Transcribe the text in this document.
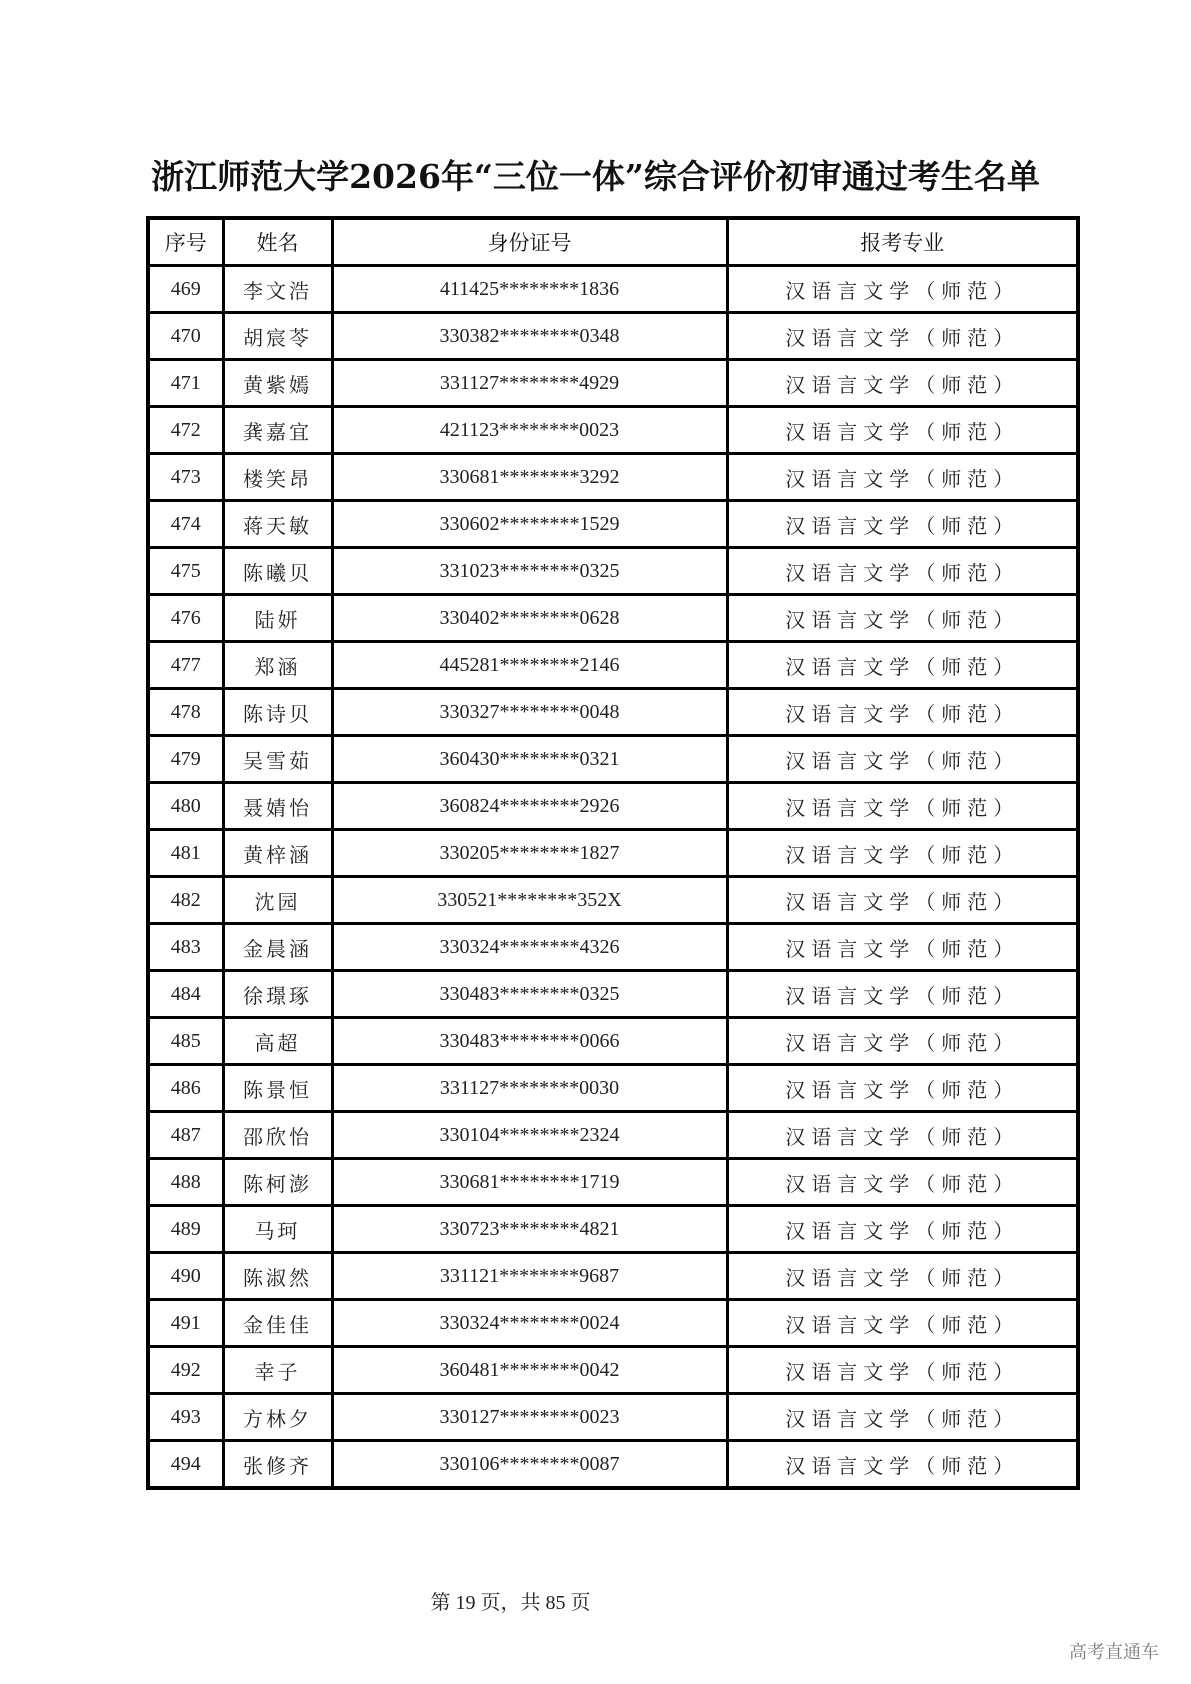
浙江师范大学2026年“三位一体”综合评价初审通过考生名单
序号	姓名	身份证号	报考专业
469	李文浩	411425********1836	汉语言文学（师范）
470	胡宸苓	330382********0348	汉语言文学（师范）
471	黄紫嫣	331127********4929	汉语言文学（师范）
472	龚嘉宜	421123********0023	汉语言文学（师范）
473	楼笑昂	330681********3292	汉语言文学（师范）
474	蒋天敏	330602********1529	汉语言文学（师范）
475	陈曦贝	331023********0325	汉语言文学（师范）
476	陆妍	330402********0628	汉语言文学（师范）
477	郑涵	445281********2146	汉语言文学（师范）
478	陈诗贝	330327********0048	汉语言文学（师范）
479	吴雪茹	360430********0321	汉语言文学（师范）
480	聂婧怡	360824********2926	汉语言文学（师范）
481	黄梓涵	330205********1827	汉语言文学（师范）
482	沈园	330521********352X	汉语言文学（师范）
483	金晨涵	330324********4326	汉语言文学（师范）
484	徐璟琢	330483********0325	汉语言文学（师范）
485	高超	330483********0066	汉语言文学（师范）
486	陈景恒	331127********0030	汉语言文学（师范）
487	邵欣怡	330104********2324	汉语言文学（师范）
488	陈柯澎	330681********1719	汉语言文学（师范）
489	马珂	330723********4821	汉语言文学（师范）
490	陈淑然	331121********9687	汉语言文学（师范）
491	金佳佳	330324********0024	汉语言文学（师范）
492	幸子	360481********0042	汉语言文学（师范）
493	方林夕	330127********0023	汉语言文学（师范）
494	张修齐	330106********0087	汉语言文学（师范）
第 19 页，共 85 页
高考直通车
